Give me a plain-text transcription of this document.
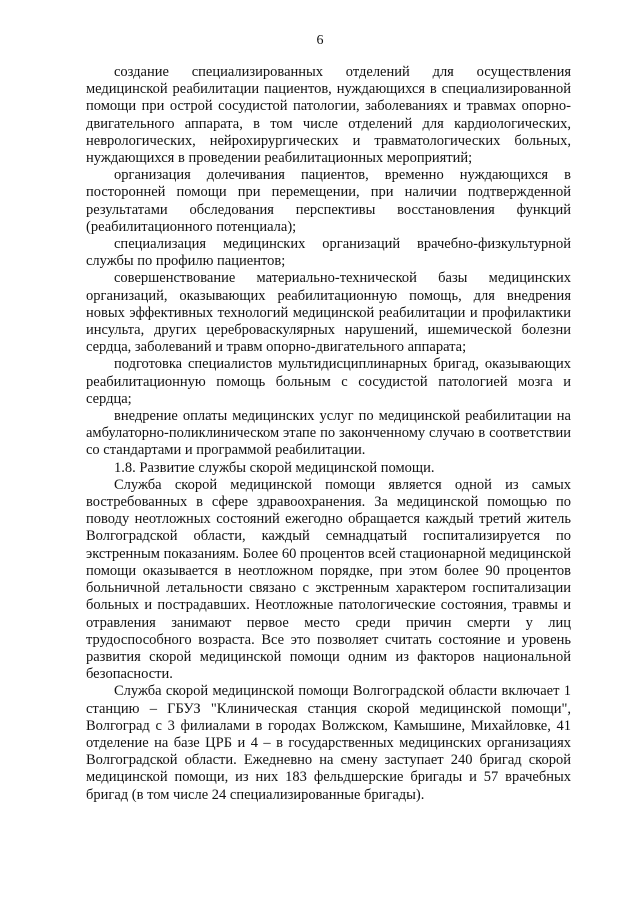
6

создание специализированных отделений для осуществления медицинской реабилитации пациентов, нуждающихся в специализированной помощи при острой сосудистой патологии, заболеваниях и травмах опорно-двигательного аппарата, в том числе отделений для кардиологических, неврологических, нейрохирургических и травматологических больных, нуждающихся в проведении реабилитационных мероприятий;

организация долечивания пациентов, временно нуждающихся в посторонней помощи при перемещении, при наличии подтвержденной результатами обследования перспективы восстановления функций (реабилитационного потенциала);

специализация медицинских организаций врачебно-физкультурной службы по профилю пациентов;

совершенствование материально-технической базы медицинских организаций, оказывающих реабилитационную помощь, для внедрения новых эффективных технологий медицинской реабилитации и профилактики инсульта, других цереброваскулярных нарушений, ишемической болезни сердца, заболеваний и травм опорно-двигательного аппарата;

подготовка специалистов мультидисциплинарных бригад, оказывающих реабилитационную помощь больным с сосудистой патологией мозга и сердца;

внедрение оплаты медицинских услуг по медицинской реабилитации на амбулаторно-поликлиническом этапе по законченному случаю в соответствии со стандартами и программой реабилитации.

1.8. Развитие службы скорой медицинской помощи.

Служба скорой медицинской помощи является одной из самых востребованных в сфере здравоохранения. За медицинской помощью по поводу неотложных состояний ежегодно обращается каждый третий житель Волгоградской области, каждый семнадцатый госпитализируется по экстренным показаниям. Более 60 процентов всей стационарной медицинской помощи оказывается в неотложном порядке, при этом более 90 процентов больничной летальности связано с экстренным характером госпитализации больных и пострадавших. Неотложные патологические состояния, травмы и отравления занимают первое место среди причин смерти у лиц трудоспособного возраста. Все это позволяет считать состояние и уровень развития скорой медицинской помощи одним из факторов национальной безопасности.

Служба скорой медицинской помощи Волгоградской области включает 1 станцию – ГБУЗ "Клиническая станция скорой медицинской помощи", Волгоград с 3 филиалами в городах Волжском, Камышине, Михайловке, 41 отделение на базе ЦРБ и 4 – в государственных медицинских организациях Волгоградской области. Ежедневно на смену заступает 240 бригад скорой медицинской помощи, из них 183 фельдшерские бригады и 57 врачебных бригад (в том числе 24 специализированные бригады).
